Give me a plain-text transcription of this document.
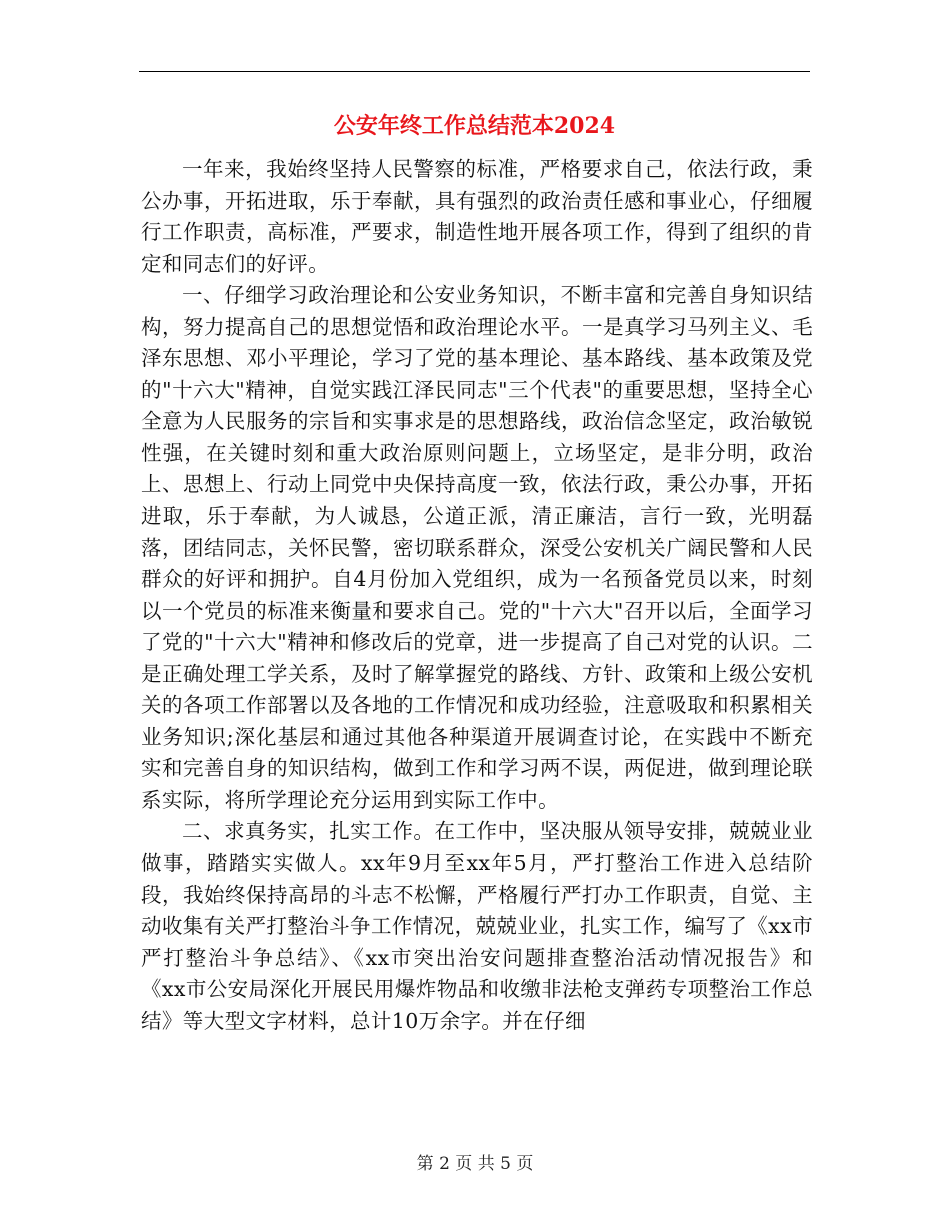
公安年终工作总结范本2024

一年来，我始终坚持人民警察的标准，严格要求自己，依法行政，秉公办事，开拓进取，乐于奉献，具有强烈的政治责任感和事业心，仔细履行工作职责，高标准，严要求，制造性地开展各项工作，得到了组织的肯定和同志们的好评。

一、仔细学习政治理论和公安业务知识，不断丰富和完善自身知识结构，努力提高自己的思想觉悟和政治理论水平。一是真学习马列主义、毛泽东思想、邓小平理论，学习了党的基本理论、基本路线、基本政策及党的"十六大"精神，自觉实践江泽民同志"三个代表"的重要思想，坚持全心全意为人民服务的宗旨和实事求是的思想路线，政治信念坚定，政治敏锐性强，在关键时刻和重大政治原则问题上，立场坚定，是非分明，政治上、思想上、行动上同党中央保持高度一致，依法行政，秉公办事，开拓进取，乐于奉献，为人诚恳，公道正派，清正廉洁，言行一致，光明磊落，团结同志，关怀民警，密切联系群众，深受公安机关广阔民警和人民群众的好评和拥护。自4月份加入党组织，成为一名预备党员以来，时刻以一个党员的标准来衡量和要求自己。党的"十六大"召开以后，全面学习了党的"十六大"精神和修改后的党章，进一步提高了自己对党的认识。二是正确处理工学关系，及时了解掌握党的路线、方针、政策和上级公安机关的各项工作部署以及各地的工作情况和成功经验，注意吸取和积累相关业务知识;深化基层和通过其他各种渠道开展调查讨论，在实践中不断充实和完善自身的知识结构，做到工作和学习两不误，两促进，做到理论联系实际，将所学理论充分运用到实际工作中。

二、求真务实，扎实工作。在工作中，坚决服从领导安排，兢兢业业做事，踏踏实实做人。xx年9月至xx年5月，严打整治工作进入总结阶段，我始终保持高昂的斗志不松懈，严格履行严打办工作职责，自觉、主动收集有关严打整治斗争工作情况，兢兢业业，扎实工作，编写了《xx市严打整治斗争总结》、《xx市突出治安问题排查整治活动情况报告》和《xx市公安局深化开展民用爆炸物品和收缴非法枪支弹药专项整治工作总结》等大型文字材料，总计10万余字。并在仔细

第 2 页 共 5 页
